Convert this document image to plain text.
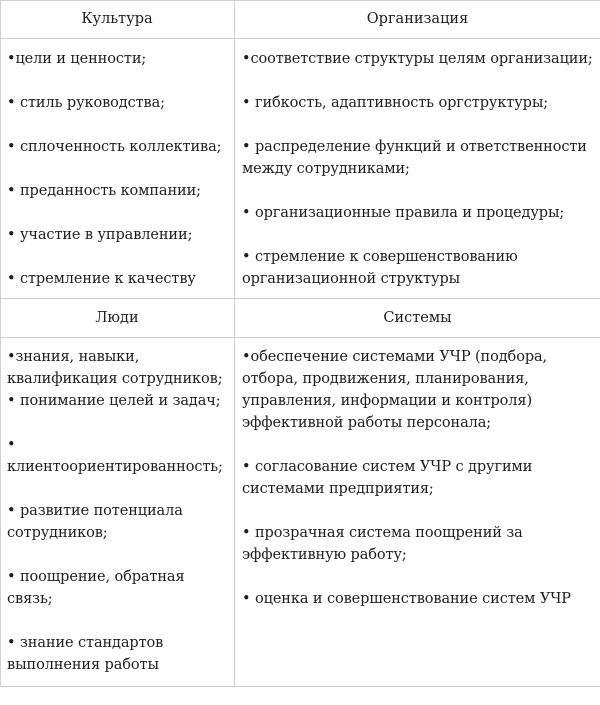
Культура	Организация

•цели и ценности;

• стиль руководства;

• сплоченность коллектива;

• преданность компании;

• участие в управлении;

• стремление к качеству

•соответствие структуры целям организации;

• гибкость, адаптивность оргструктуры;

• распределение функций и ответственности между сотрудниками;

• организационные правила и процедуры;

• стремление к совершенствованию организационной структуры

Люди	Системы

•знания, навыки, квалификация сотрудников;

• понимание целей и задач;

•

клиентоориентированность;

• развитие потенциала сотрудников;

• поощрение, обратная связь;

• знание стандартов выполнения работы

•обеспечение системами УЧР (подбора, отбора, продвижения, планирования, управления, информации и контроля) эффективной работы персонала;

• согласование систем УЧР с другими системами предприятия;

• прозрачная система поощрений за эффективную работу;

• оценка и совершенствование систем УЧР
